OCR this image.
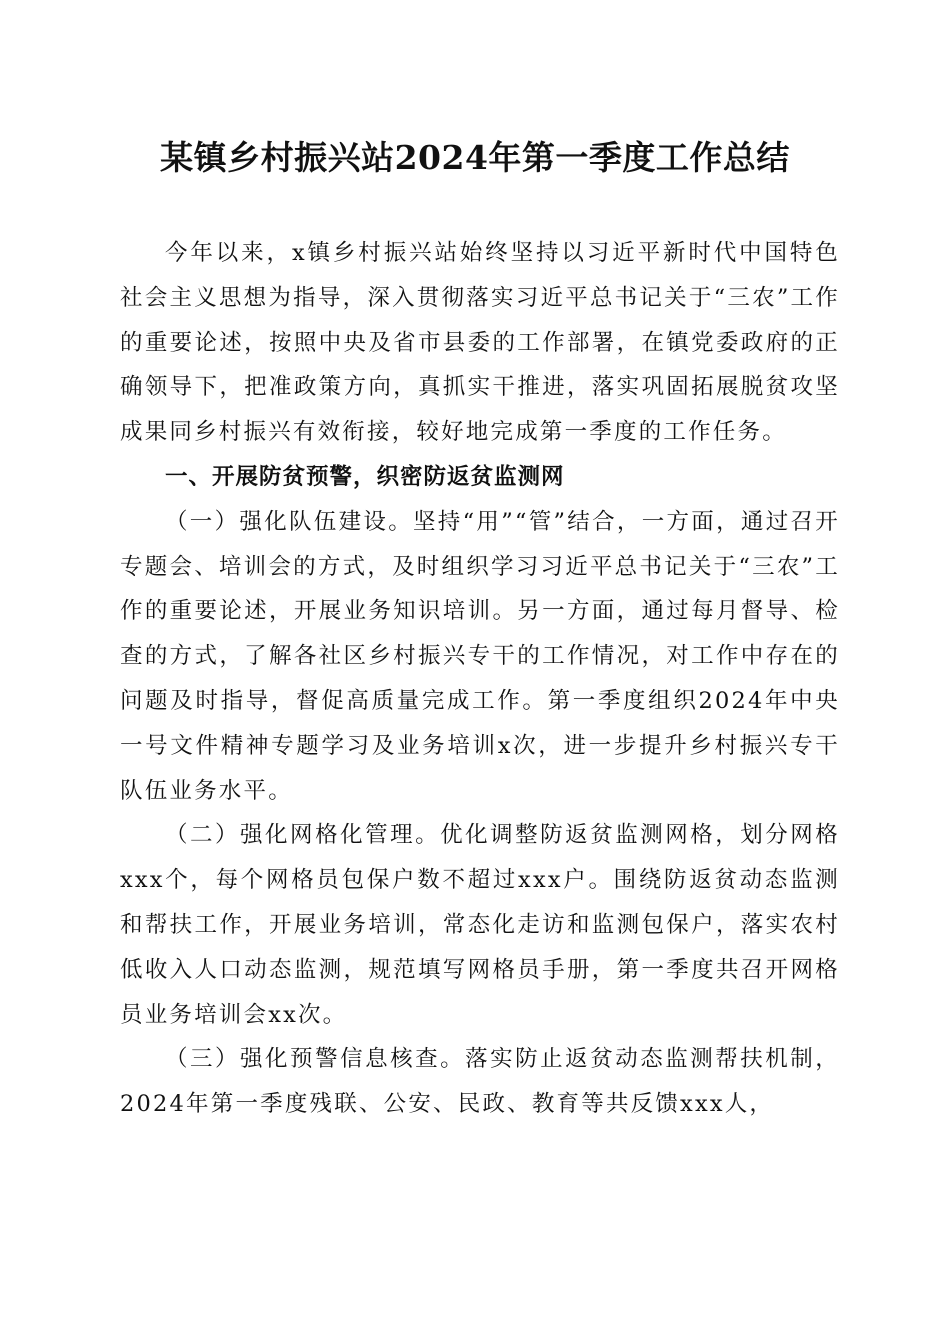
某镇乡村振兴站2024年第一季度工作总结

今年以来，x镇乡村振兴站始终坚持以习近平新时代中国特色社会主义思想为指导，深入贯彻落实习近平总书记关于“三农”工作的重要论述，按照中央及省市县委的工作部署，在镇党委政府的正确领导下，把准政策方向，真抓实干推进，落实巩固拓展脱贫攻坚成果同乡村振兴有效衔接，较好地完成第一季度的工作任务。

一、开展防贫预警，织密防返贫监测网

（一）强化队伍建设。坚持“用”“管”结合，一方面，通过召开专题会、培训会的方式，及时组织学习习近平总书记关于“三农”工作的重要论述，开展业务知识培训。另一方面，通过每月督导、检查的方式，了解各社区乡村振兴专干的工作情况，对工作中存在的问题及时指导，督促高质量完成工作。第一季度组织2024年中央一号文件精神专题学习及业务培训x次，进一步提升乡村振兴专干队伍业务水平。

（二）强化网格化管理。优化调整防返贫监测网格，划分网格xxx个，每个网格员包保户数不超过xxx户。围绕防返贫动态监测和帮扶工作，开展业务培训，常态化走访和监测包保户，落实农村低收入人口动态监测，规范填写网格员手册，第一季度共召开网格员业务培训会xx次。

（三）强化预警信息核查。落实防止返贫动态监测帮扶机制，2024年第一季度残联、公安、民政、教育等共反馈xxx人，
